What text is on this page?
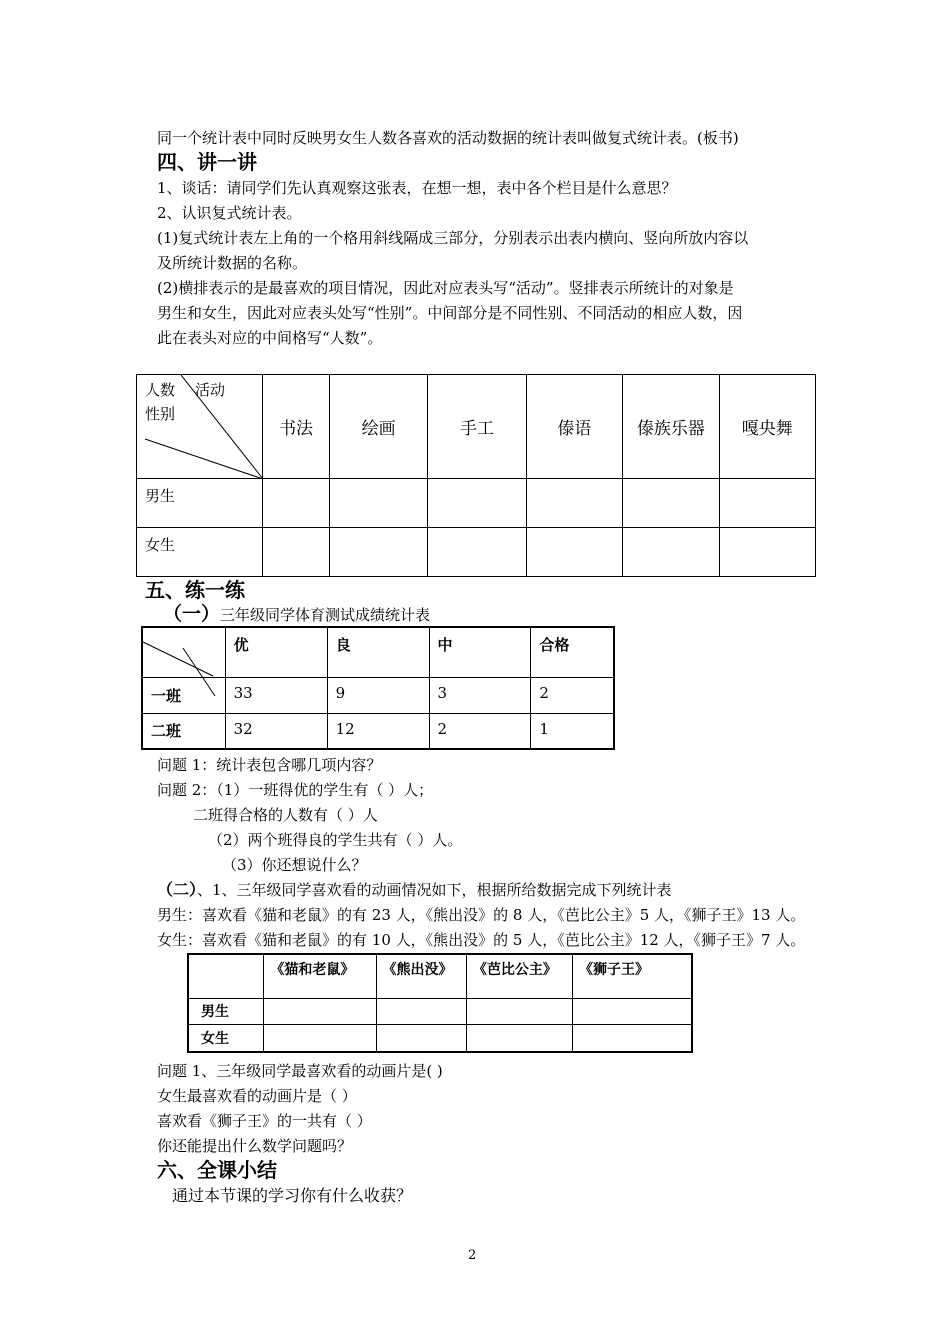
同一个统计表中同时反映男女生人数各喜欢的活动数据的统计表叫做复式统计表。(板书)
四、讲一讲
1、谈话：请同学们先认真观察这张表，在想一想，表中各个栏目是什么意思？
2、认识复式统计表。
(1)复式统计表左上角的一个格用斜线隔成三部分，分别表示出表内横向、竖向所放内容以
及所统计数据的名称。
(2)横排表示的是最喜欢的项目情况，因此对应表头写“活动”。竖排表示所统计的对象是
男生和女生，因此对应表头处写“性别”。中间部分是不同性别、不同活动的相应人数，因
此在表头对应的中间格写“人数”。
人数 活动
性别	书法	绘画	手工	傣语	傣族乐器	嘎央舞
男生						
女生						
五、练一练
（一）三年级同学体育测试成绩统计表
	优	良	中	合格
一班	33	9	3	2
二班	32	12	2	1
问题 1：统计表包含哪几项内容？
问题 2：（1）一班得优的学生有（ ）人；
二班得合格的人数有（ ）人
（2）两个班得良的学生共有（ ）人。
（3）你还想说什么？
（二）、1、三年级同学喜欢看的动画情况如下，根据所给数据完成下列统计表
男生：喜欢看《猫和老鼠》的有 23 人，《熊出没》的 8 人，《芭比公主》5 人，《狮子王》13 人。
女生：喜欢看《猫和老鼠》的有 10 人，《熊出没》的 5 人，《芭比公主》12 人，《狮子王》7 人。
	《猫和老鼠》	《熊出没》	《芭比公主》	《狮子王》
男生				
女生				
问题 1、三年级同学最喜欢看的动画片是( )
女生最喜欢看的动画片是（ ）
喜欢看《狮子王》的一共有（ ）
你还能提出什么数学问题吗？
六、全课小结
通过本节课的学习你有什么收获？
2
